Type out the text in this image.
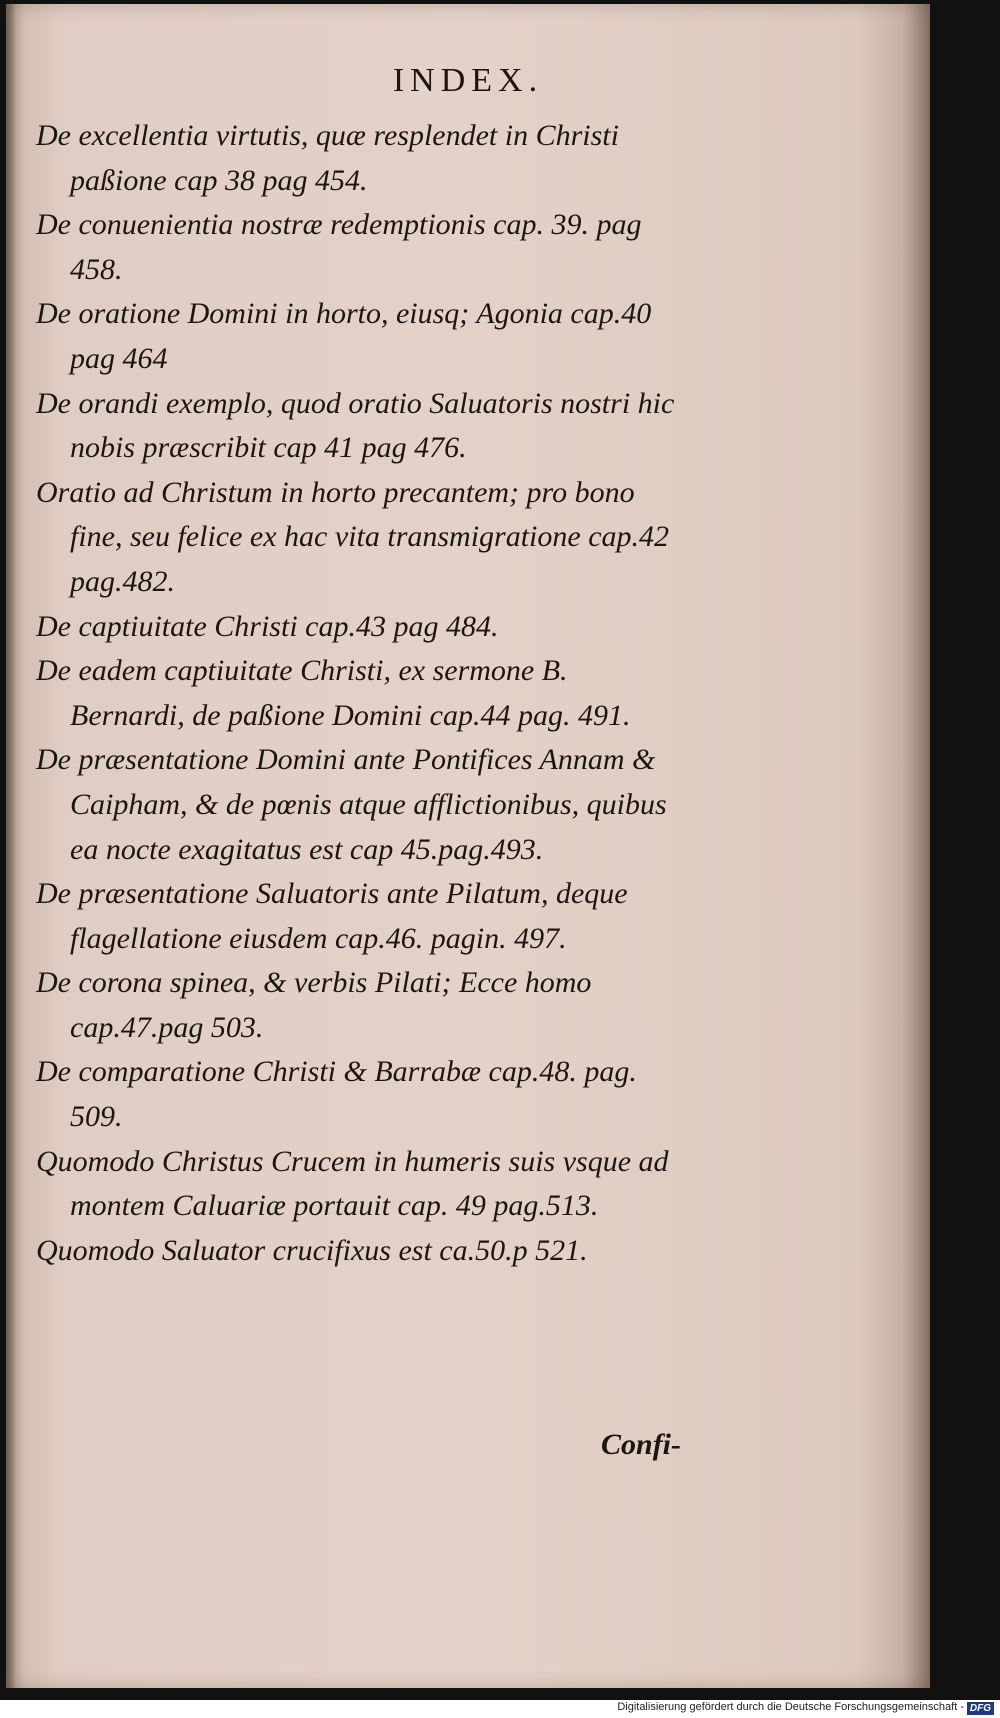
INDEX.

De excellentia virtutis, quæ resplendet in Christi paßione cap 38 pag 454.

De conuenientia nostræ redemptionis cap. 39. pag 458.

De oratione Domini in horto, eiusq; Agonia cap.40 pag 464

De orandi exemplo, quod oratio Saluatoris nostri hic nobis præscribit cap 41 pag 476.

Oratio ad Christum in horto precantem; pro bono fine, seu felice ex hac vita transmigratione cap.42 pag.482.

De captiuitate Christi cap.43 pag 484.

De eadem captiuitate Christi, ex sermone B. Bernardi, de paßione Domini cap.44 pag. 491.

De præsentatione Domini ante Pontifices Annam & Caipham, & de pœnis atque afflictionibus, quibus ea nocte exagitatus est cap 45.pag.493.

De præsentatione Saluatoris ante Pilatum, deque flagellatione eiusdem cap.46. pagin. 497.

De corona spinea, & verbis Pilati; Ecce homo cap.47.pag 503.

De comparatione Christi & Barrabæ cap.48. pag. 509.

Quomodo Christus Crucem in humeris suis vsque ad montem Caluariæ portauit cap. 49 pag.513.

Quomodo Saluator crucifixus est ca.50.p 521.

Confi-
Digitalisierung gefördert durch die Deutsche Forschungsgemeinschaft - DFG
